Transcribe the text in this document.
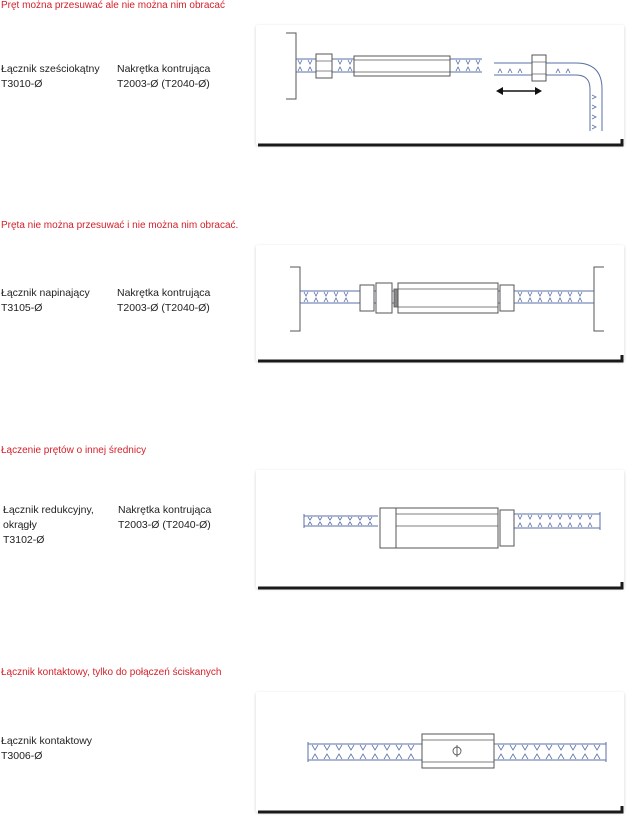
Pręt można przesuwać ale nie można nim obracać
Łącznik sześciokątny
T3010-Ø
Nakrętka kontrująca
T2003-Ø (T2040-Ø)
Pręta nie można przesuwać i nie można nim obracać.
Łącznik napinający
T3105-Ø
Nakrętka kontrująca
T2003-Ø (T2040-Ø)
Łączenie prętów o innej średnicy
Łącznik redukcyjny,
okrągły
T3102-Ø
Nakrętka kontrująca
T2003-Ø (T2040-Ø)
Łącznik kontaktowy, tylko do połączeń ściskanych
Łącznik kontaktowy
T3006-Ø
